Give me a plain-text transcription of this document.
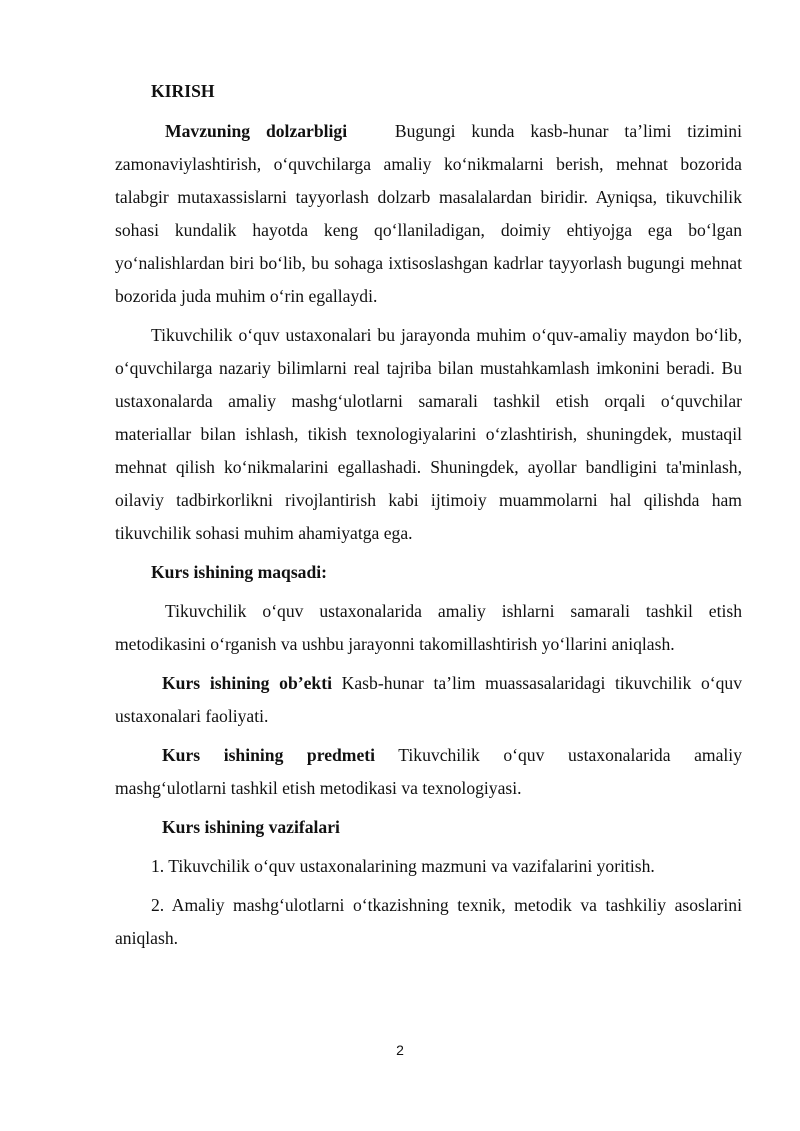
KIRISH

Mavzuning dolzarbligi	Bugungi kunda kasb-hunar ta’limi tizimini zamonaviylashtirish, o‘quvchilarga amaliy ko‘nikmalarni berish, mehnat bozorida talabgir mutaxassislarni tayyorlash dolzarb masalalardan biridir. Ayniqsa, tikuvchilik sohasi kundalik hayotda keng qo‘llaniladigan, doimiy ehtiyojga ega bo‘lgan yo‘nalishlardan biri bo‘lib, bu sohaga ixtisoslashgan kadrlar tayyorlash bugungi mehnat bozorida juda muhim o‘rin egallaydi.

Tikuvchilik o‘quv ustaxonalari bu jarayonda muhim o‘quv-amaliy maydon bo‘lib, o‘quvchilarga nazariy bilimlarni real tajriba bilan mustahkamlash imkonini beradi. Bu ustaxonalarda amaliy mashg‘ulotlarni samarali tashkil etish orqali o‘quvchilar materiallar bilan ishlash, tikish texnologiyalarini o‘zlashtirish, shuningdek, mustaqil mehnat qilish ko‘nikmalarini egallashadi. Shuningdek, ayollar bandligini ta'minlash, oilaviy tadbirkorlikni rivojlantirish kabi ijtimoiy muammolarni hal qilishda ham tikuvchilik sohasi muhim ahamiyatga ega.

Kurs ishining maqsadi:

Tikuvchilik o‘quv ustaxonalarida amaliy ishlarni samarali tashkil etish metodikasini o‘rganish va ushbu jarayonni takomillashtirish yo‘llarini aniqlash.

Kurs ishining ob’ekti Kasb-hunar ta’lim muassasalaridagi tikuvchilik o‘quv ustaxonalari faoliyati.

Kurs ishining predmeti Tikuvchilik o‘quv ustaxonalarida amaliy mashg‘ulotlarni tashkil etish metodikasi va texnologiyasi.

Kurs ishining vazifalari

1. Tikuvchilik o‘quv ustaxonalarining mazmuni va vazifalarini yoritish.

2. Amaliy mashg‘ulotlarni o‘tkazishning texnik, metodik va tashkiliy asoslarini aniqlash.

2
